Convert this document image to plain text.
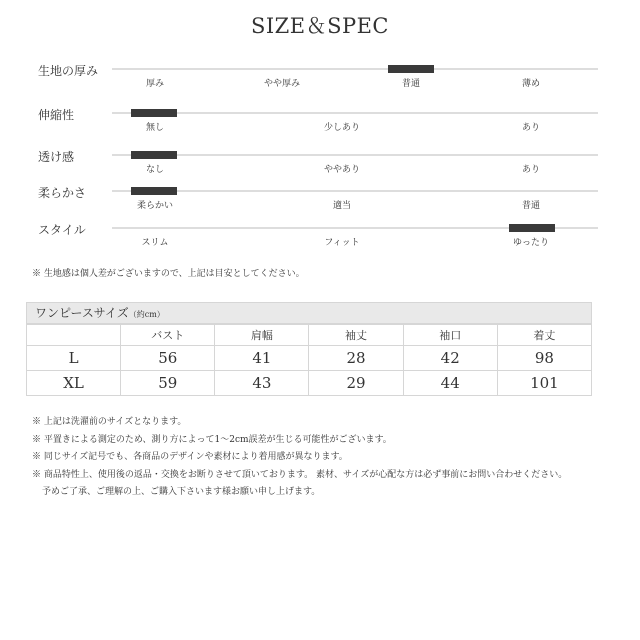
SIZE＆SPEC
生地の厚み
厚み	やや厚み	普通	薄め
伸縮性
無し	少しあり	あり
透け感
なし	ややあり	あり
柔らかさ
柔らかい	適当	普通
スタイル
スリム	フィット	ゆったり
※ 生地感は個人差がございますので、上記は目安としてください。
ワンピースサイズ（約cm）
	バスト	肩幅	袖丈	袖口	着丈
L	56	41	28	42	98
XL	59	43	29	44	101
※ 上記は洗濯前のサイズとなります。
※ 平置きによる測定のため、測り方によって1〜2cm誤差が生じる可能性がございます。
※ 同じサイズ記号でも、各商品のデザインや素材により着用感が異なります。
※ 商品特性上、使用後の返品・交換をお断りさせて頂いております。 素材、サイズが心配な方は必ず事前にお問い合わせください。
予めご了承、ご理解の上、ご購入下さいます様お願い申し上げます。
